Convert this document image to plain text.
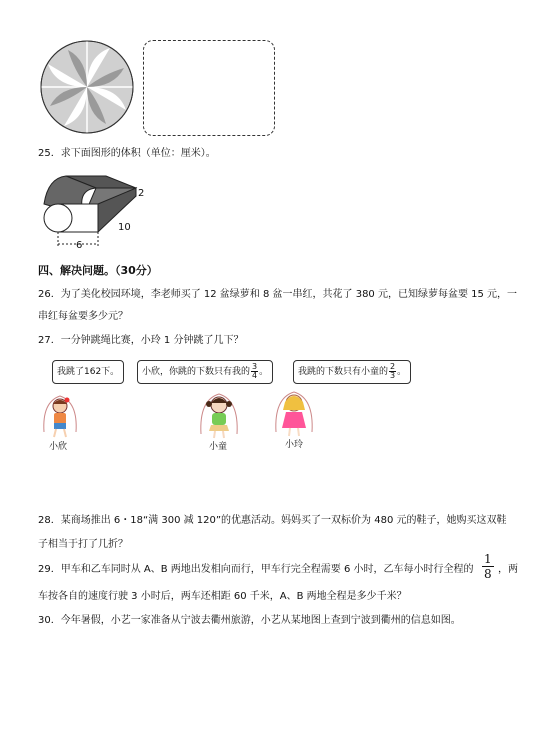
25．求下面图形的体积（单位：厘米）。
2
10
6
四、解决问题。（30分）
26．为了美化校园环境，李老师买了 12 盆绿萝和 8 盆一串红，共花了 380 元，已知绿萝每盆要 15 元，一
串红每盆要多少元？
27．一分钟跳绳比赛，小玲 1 分钟跳了几下？
我跳了162下。	小欣，你跳的下数只有我的 $\frac{3}{4}$ 。	我跳的下数只有小童的 $\frac{2}{3}$ 。
小欣	小童	小玲
28．某商场推出 6・18“满 300 减 120”的优惠活动。妈妈买了一双标价为 480 元的鞋子，她购买这双鞋
子相当于打了几折？
29．甲车和乙车同时从 A、B 两地出发相向而行，甲车行完全程需要 6 小时，乙车每小时行全程的 $\frac{1}{8}$ ，两
车按各自的速度行驶 3 小时后，两车还相距 60 千米，A、B 两地全程是多少千米？
30．今年暑假，小艺一家准备从宁波去衢州旅游，小艺从某地图上查到宁波到衢州的信息如图。
